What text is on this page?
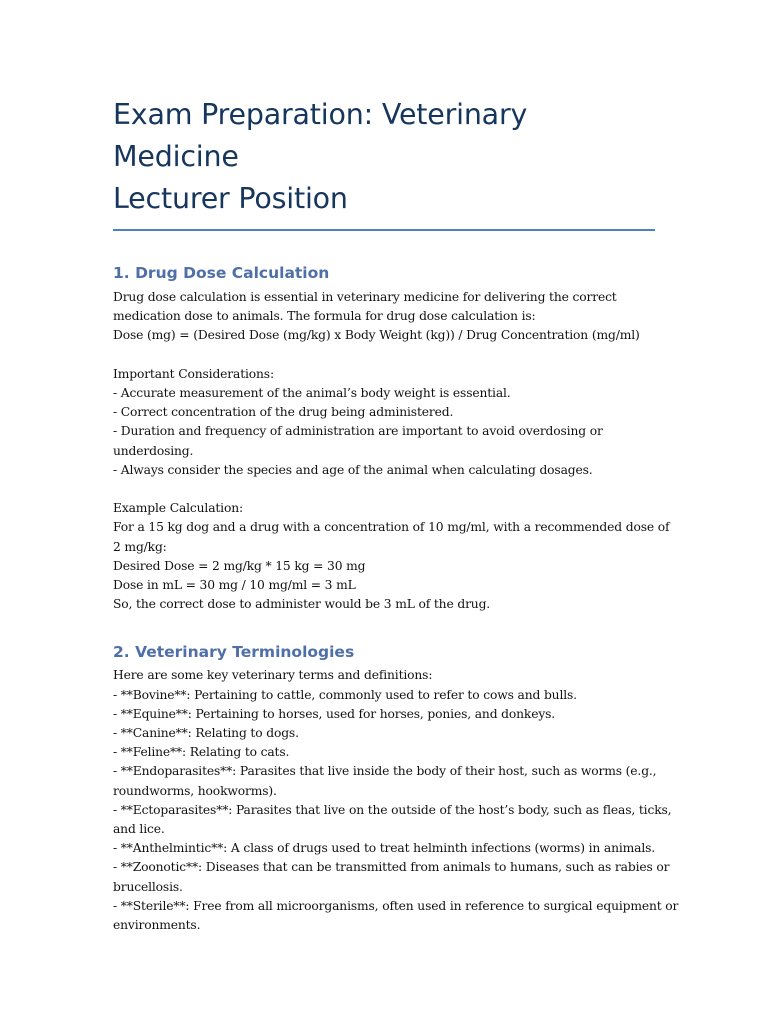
Exam Preparation: Veterinary Medicine
Lecturer Position
1. Drug Dose Calculation
Drug dose calculation is essential in veterinary medicine for delivering the correct
medication dose to animals. The formula for drug dose calculation is:
Dose (mg) = (Desired Dose (mg/kg) x Body Weight (kg)) / Drug Concentration (mg/ml)
Important Considerations:
- Accurate measurement of the animal’s body weight is essential.
- Correct concentration of the drug being administered.
- Duration and frequency of administration are important to avoid overdosing or
underdosing.
- Always consider the species and age of the animal when calculating dosages.
Example Calculation:
For a 15 kg dog and a drug with a concentration of 10 mg/ml, with a recommended dose of
2 mg/kg:
Desired Dose = 2 mg/kg * 15 kg = 30 mg
Dose in mL = 30 mg / 10 mg/ml = 3 mL
So, the correct dose to administer would be 3 mL of the drug.
2. Veterinary Terminologies
Here are some key veterinary terms and definitions:
- **Bovine**: Pertaining to cattle, commonly used to refer to cows and bulls.
- **Equine**: Pertaining to horses, used for horses, ponies, and donkeys.
- **Canine**: Relating to dogs.
- **Feline**: Relating to cats.
- **Endoparasites**: Parasites that live inside the body of their host, such as worms (e.g.,
roundworms, hookworms).
- **Ectoparasites**: Parasites that live on the outside of the host’s body, such as fleas, ticks,
and lice.
- **Anthelmintic**: A class of drugs used to treat helminth infections (worms) in animals.
- **Zoonotic**: Diseases that can be transmitted from animals to humans, such as rabies or
brucellosis.
- **Sterile**: Free from all microorganisms, often used in reference to surgical equipment or
environments.
